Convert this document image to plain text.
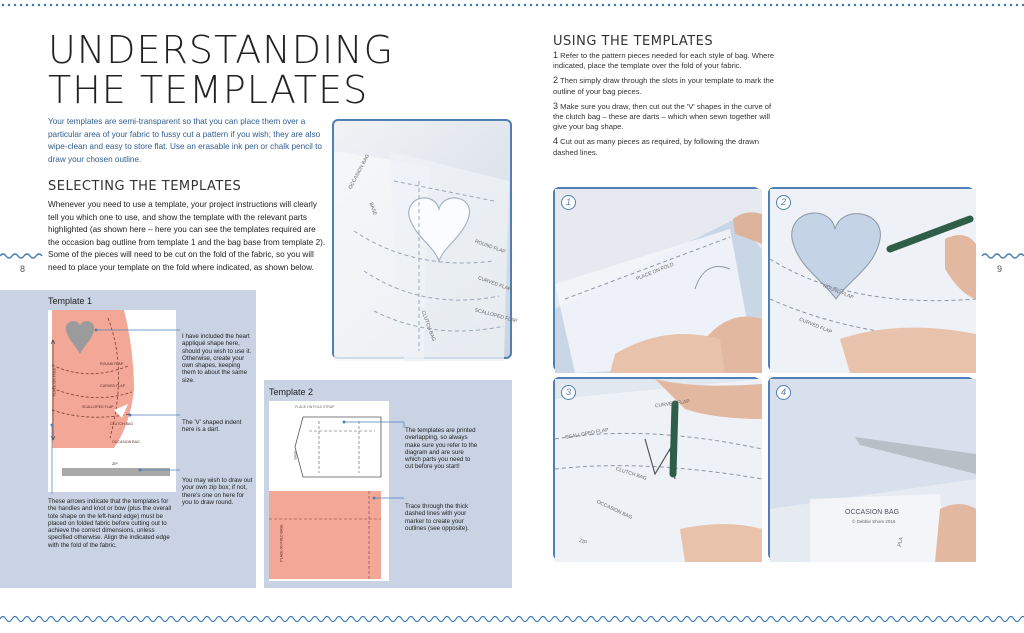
8	9
UNDERSTANDING
THE TEMPLATES
Your templates are semi-transparent so that you can place them over a particular area of your fabric to fussy cut a pattern if you wish; they are also wipe-clean and easy to store flat. Use an erasable ink pen or chalk pencil to draw your chosen outline.
SELECTING THE TEMPLATES
Whenever you need to use a template, your project instructions will clearly tell you which one to use, and show the template with the relevant parts highlighted (as shown here – here you can see the templates required are the occasion bag outline from template 1 and the bag base from template 2). Some of the pieces will need to be cut on the fold of the fabric, so you will need to place your template on the fold where indicated, as shown below.
OCCASION BAG
BASE
ROUND FLAP
CURVED FLAP
SCALLOPED FLAP
CLUTCH BAG
Template 1
PLACE ON FOLD
ROUND FLAP
CURVED FLAP
SCALLOPED FLAP
CLUTCH BAG
OCCASION BAG
ZIP
I have included the heart appliqué shape here, should you wish to use it. Otherwise, create your own shapes, keeping them to about the same size.
The 'V' shaped indent here is a dart.
You may wish to draw out your own zip box; if not, there's one on here for you to draw round.
These arrows indicate that the templates for the handles and knot or bow (plus the overall tote shape on the left-hand edge) must be placed on folded fabric before cutting out to achieve the correct dimensions, unless specified otherwise. Align the indicated edge with the fold of the fabric.
Template 2
PLACE ON FOLD STRAP
BASE
PLACE ON FOLD BASE
The templates are printed overlapping, so always make sure you refer to the diagram and are sure which parts you need to cut before you start!
Trace through the thick dashed lines with your marker to create your outlines (see opposite).
USING THE TEMPLATES

1 Refer to the pattern pieces needed for each style of bag. Where indicated, place the template over the fold of your fabric.

2 Then simply draw through the slots in your template to mark the outline of your bag pieces.

3 Make sure you draw, then cut out the 'V' shapes in the curve of the clutch bag – these are darts – which when sewn together will give your bag shape.

4 Cut out as many pieces as required, by following the drawn dashed lines.

PLACE ON FOLD
1
ROUND FLAP
CURVED FLAP
2
CURVED FLAP
SCALLOPED FLAP
CLUTCH BAG
OCCASION BAG
ZIP
3
OCCASION BAG
© Debbie Shore 2016
PLA
4
